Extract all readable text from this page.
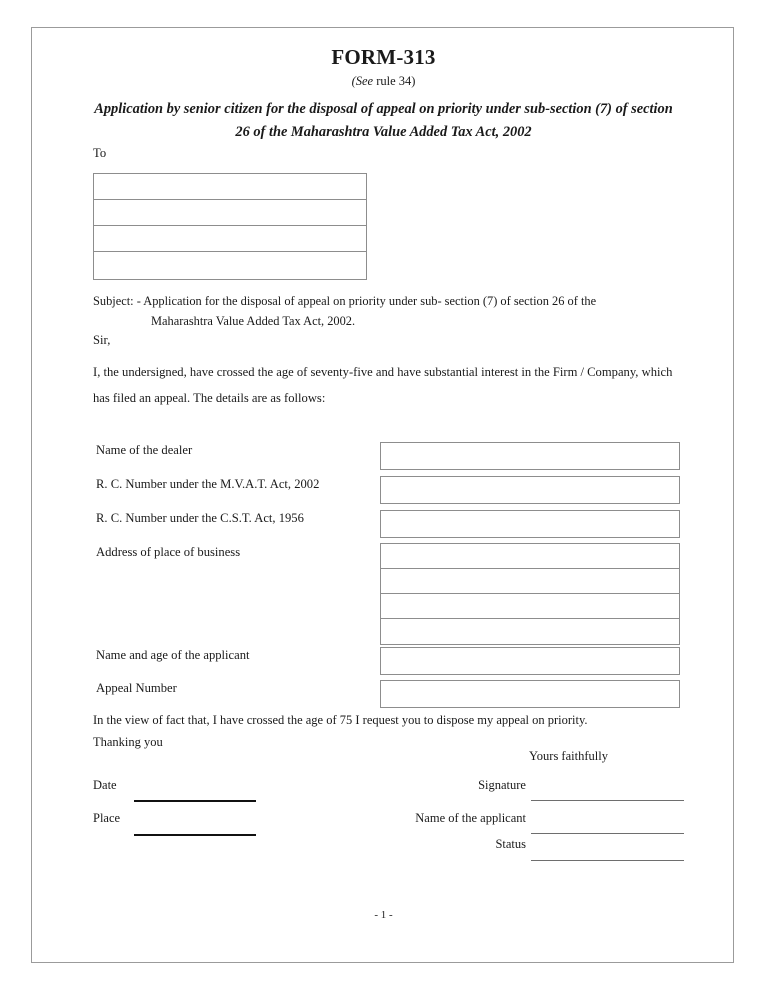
FORM-313
(See rule 34)
Application by senior citizen for the disposal of appeal on priority under sub-section (7) of section 26 of the Maharashtra Value Added Tax Act, 2002
To
Subject: - Application for the disposal of appeal on priority under sub- section (7) of section 26 of the
Maharashtra Value Added Tax Act, 2002.
Sir,
I, the undersigned, have crossed the age of seventy-five and have substantial interest in the Firm / Company, which has filed an appeal. The details are as follows:
Name of the dealer
R. C. Number under the M.V.A.T. Act, 2002
R. C. Number under the C.S.T. Act, 1956
Address of place of business
Name and age of the applicant
Appeal Number
In the view of fact that, I have crossed the age of 75 I request you to dispose my appeal on priority.
Thanking you
Yours faithfully
Date
Place
Signature
Name of the applicant
Status
- 1 -
